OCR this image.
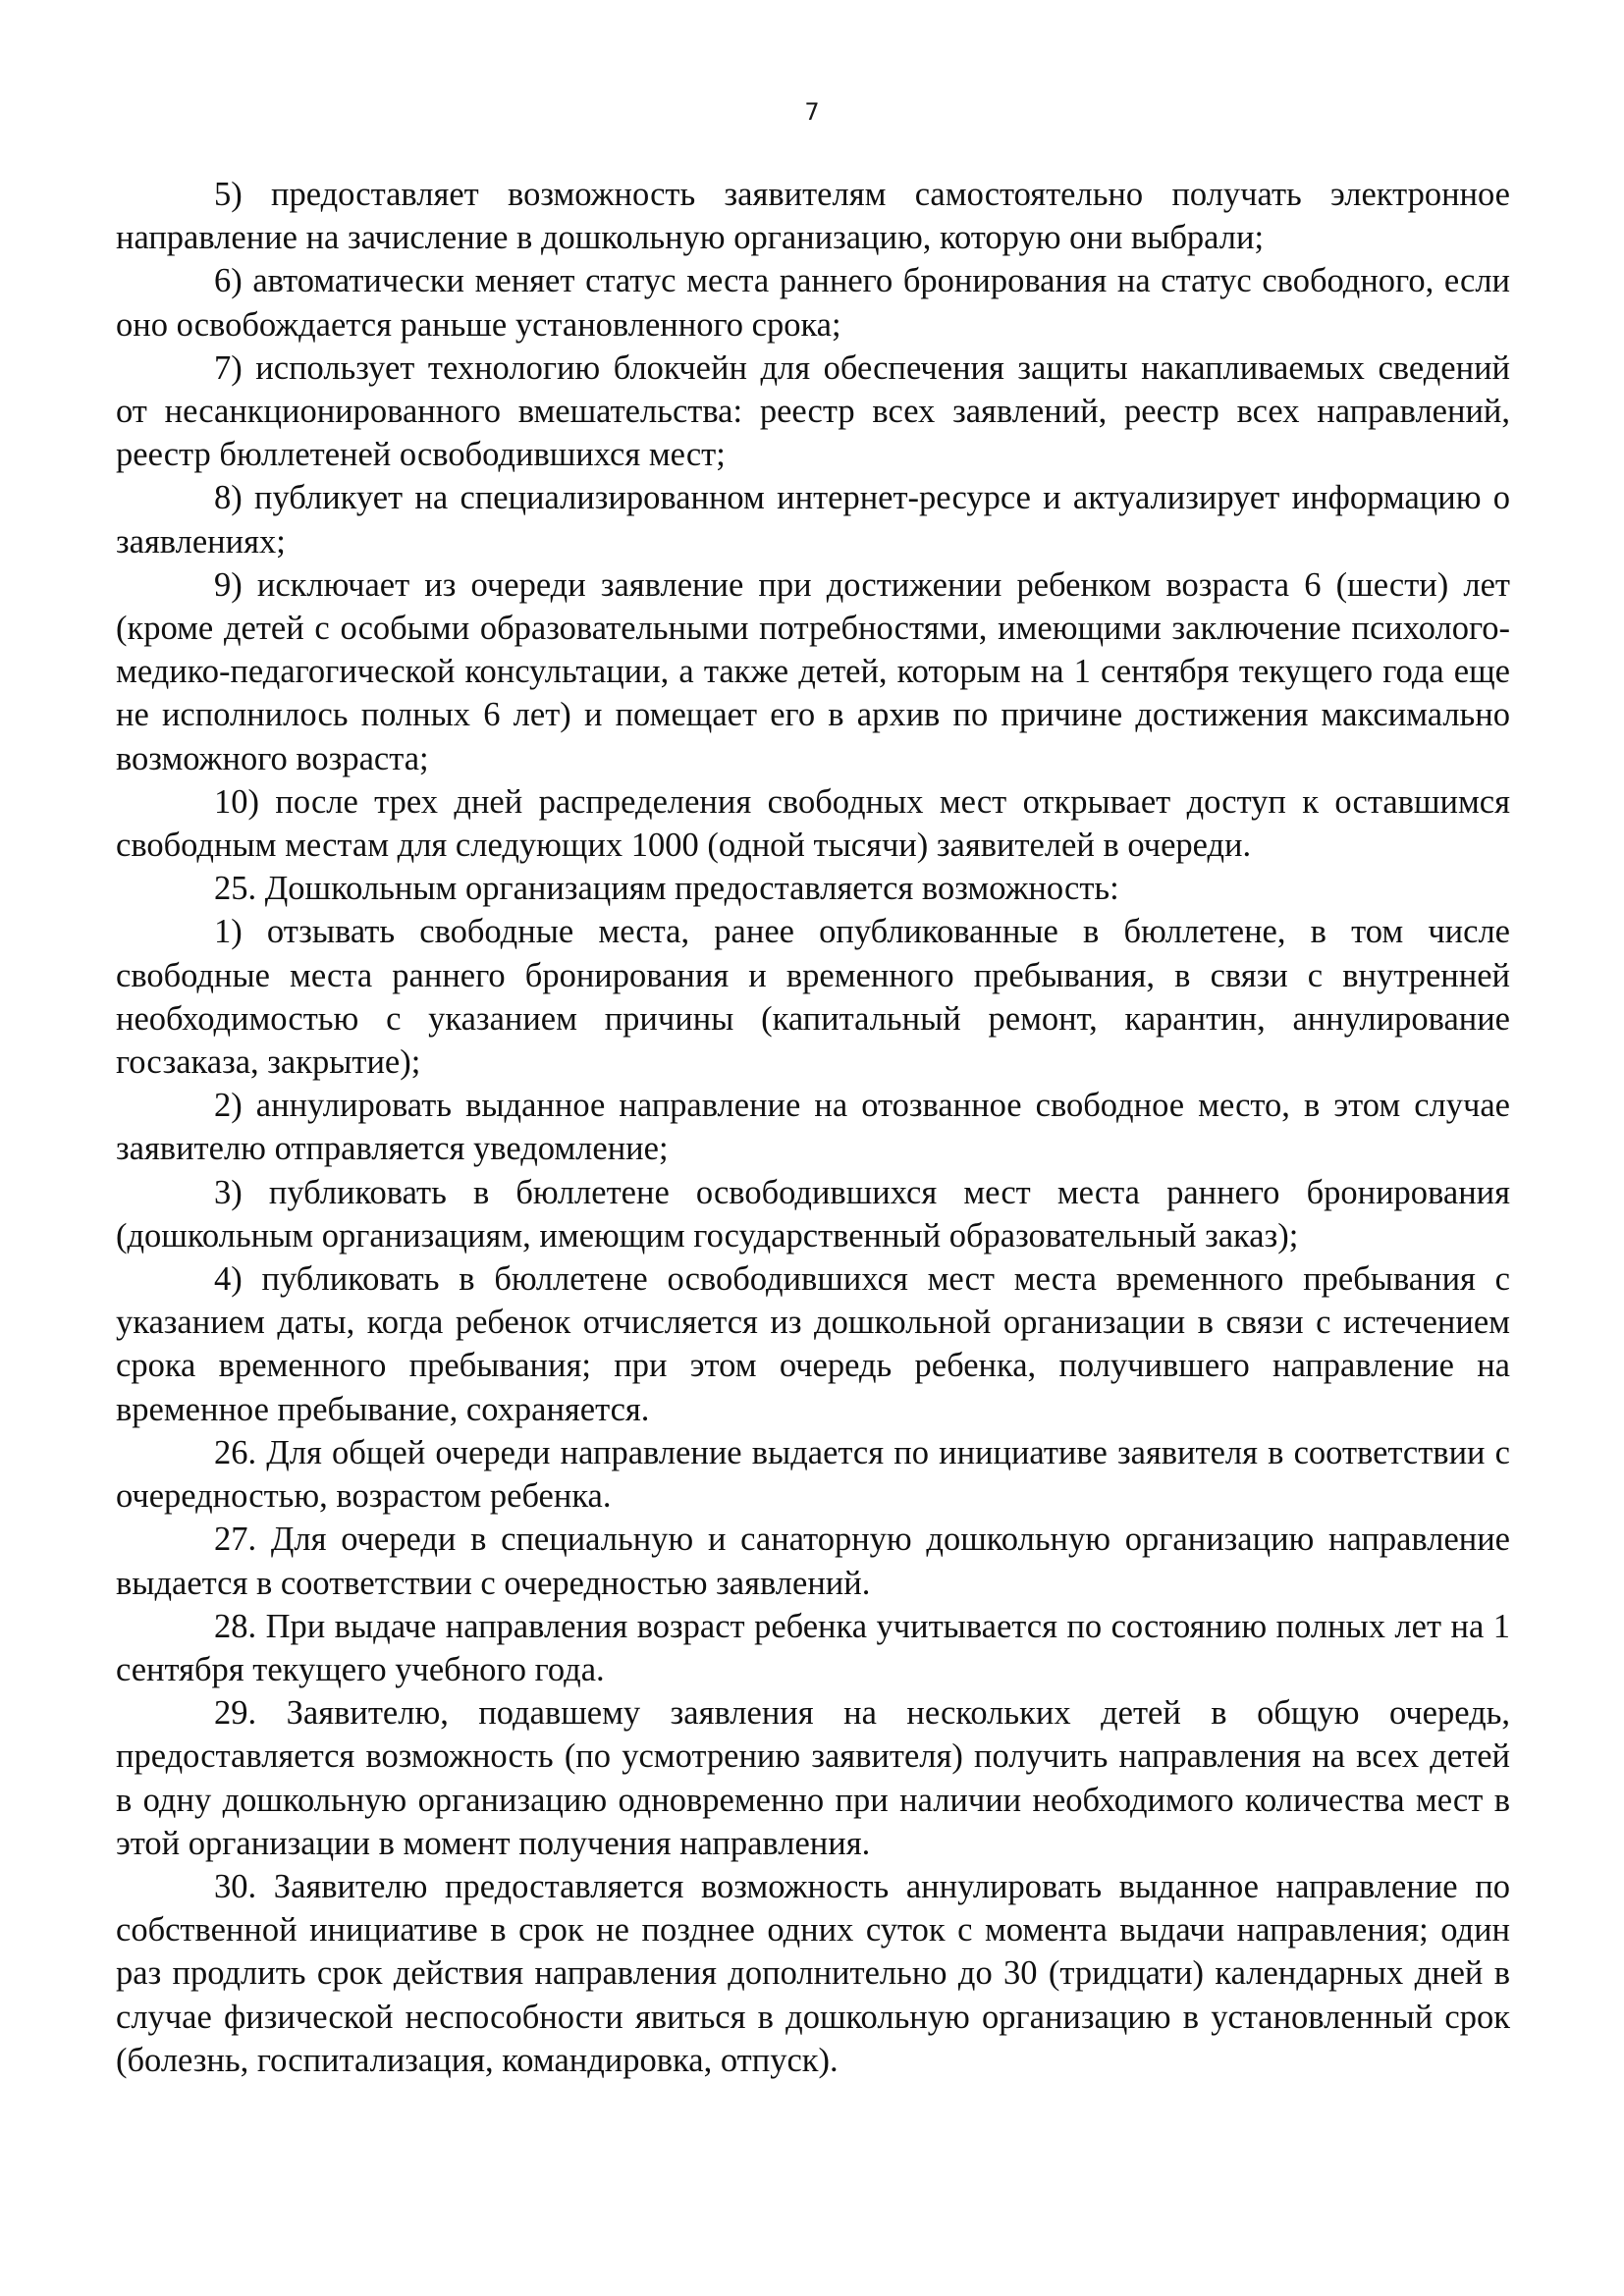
7

5) предоставляет возможность заявителям самостоятельно получать электронное направление на зачисление в дошкольную организацию, которую они выбрали;

6) автоматически меняет статус места раннего бронирования на статус свободного, если оно освобождается раньше установленного срока;

7) использует технологию блокчейн для обеспечения защиты накапливаемых сведений от несанкционированного вмешательства: реестр всех заявлений, реестр всех направлений, реестр бюллетеней освободившихся мест;

8) публикует на специализированном интернет-ресурсе и актуализирует информацию о заявлениях;

9) исключает из очереди заявление при достижении ребенком возраста 6 (шести) лет (кроме детей с особыми образовательными потребностями, имеющими заключение психолого-медико-педагогической консультации, а также детей, которым на 1 сентября текущего года еще не исполнилось полных 6 лет) и помещает его в архив по причине достижения максимально возможного возраста;

10) после трех дней распределения свободных мест открывает доступ к оставшимся свободным местам для следующих 1000 (одной тысячи) заявителей в очереди.

25. Дошкольным организациям предоставляется возможность:

1) отзывать свободные места, ранее опубликованные в бюллетене, в том числе свободные места раннего бронирования и временного пребывания, в связи с внутренней необходимостью с указанием причины (капитальный ремонт, карантин, аннулирование госзаказа, закрытие);

2) аннулировать выданное направление на отозванное свободное место, в этом случае заявителю отправляется уведомление;

3) публиковать в бюллетене освободившихся мест места раннего бронирования (дошкольным организациям, имеющим государственный образовательный заказ);

4) публиковать в бюллетене освободившихся мест места временного пребывания с указанием даты, когда ребенок отчисляется из дошкольной организации в связи с истечением срока временного пребывания; при этом очередь ребенка, получившего направление на временное пребывание, сохраняется.

26. Для общей очереди направление выдается по инициативе заявителя в соответствии с очередностью, возрастом ребенка.

27. Для очереди в специальную и санаторную дошкольную организацию направление выдается в соответствии с очередностью заявлений.

28. При выдаче направления возраст ребенка учитывается по состоянию полных лет на 1 сентября текущего учебного года.

29. Заявителю, подавшему заявления на нескольких детей в общую очередь, предоставляется возможность (по усмотрению заявителя) получить направления на всех детей в одну дошкольную организацию одновременно при наличии необходимого количества мест в этой организации в момент получения направления.

30. Заявителю предоставляется возможность аннулировать выданное направление по собственной инициативе в срок не позднее одних суток с момента выдачи направления; один раз продлить срок действия направления дополнительно до 30 (тридцати) календарных дней в случае физической неспособности явиться в дошкольную организацию в установленный срок (болезнь, госпитализация, командировка, отпуск).
